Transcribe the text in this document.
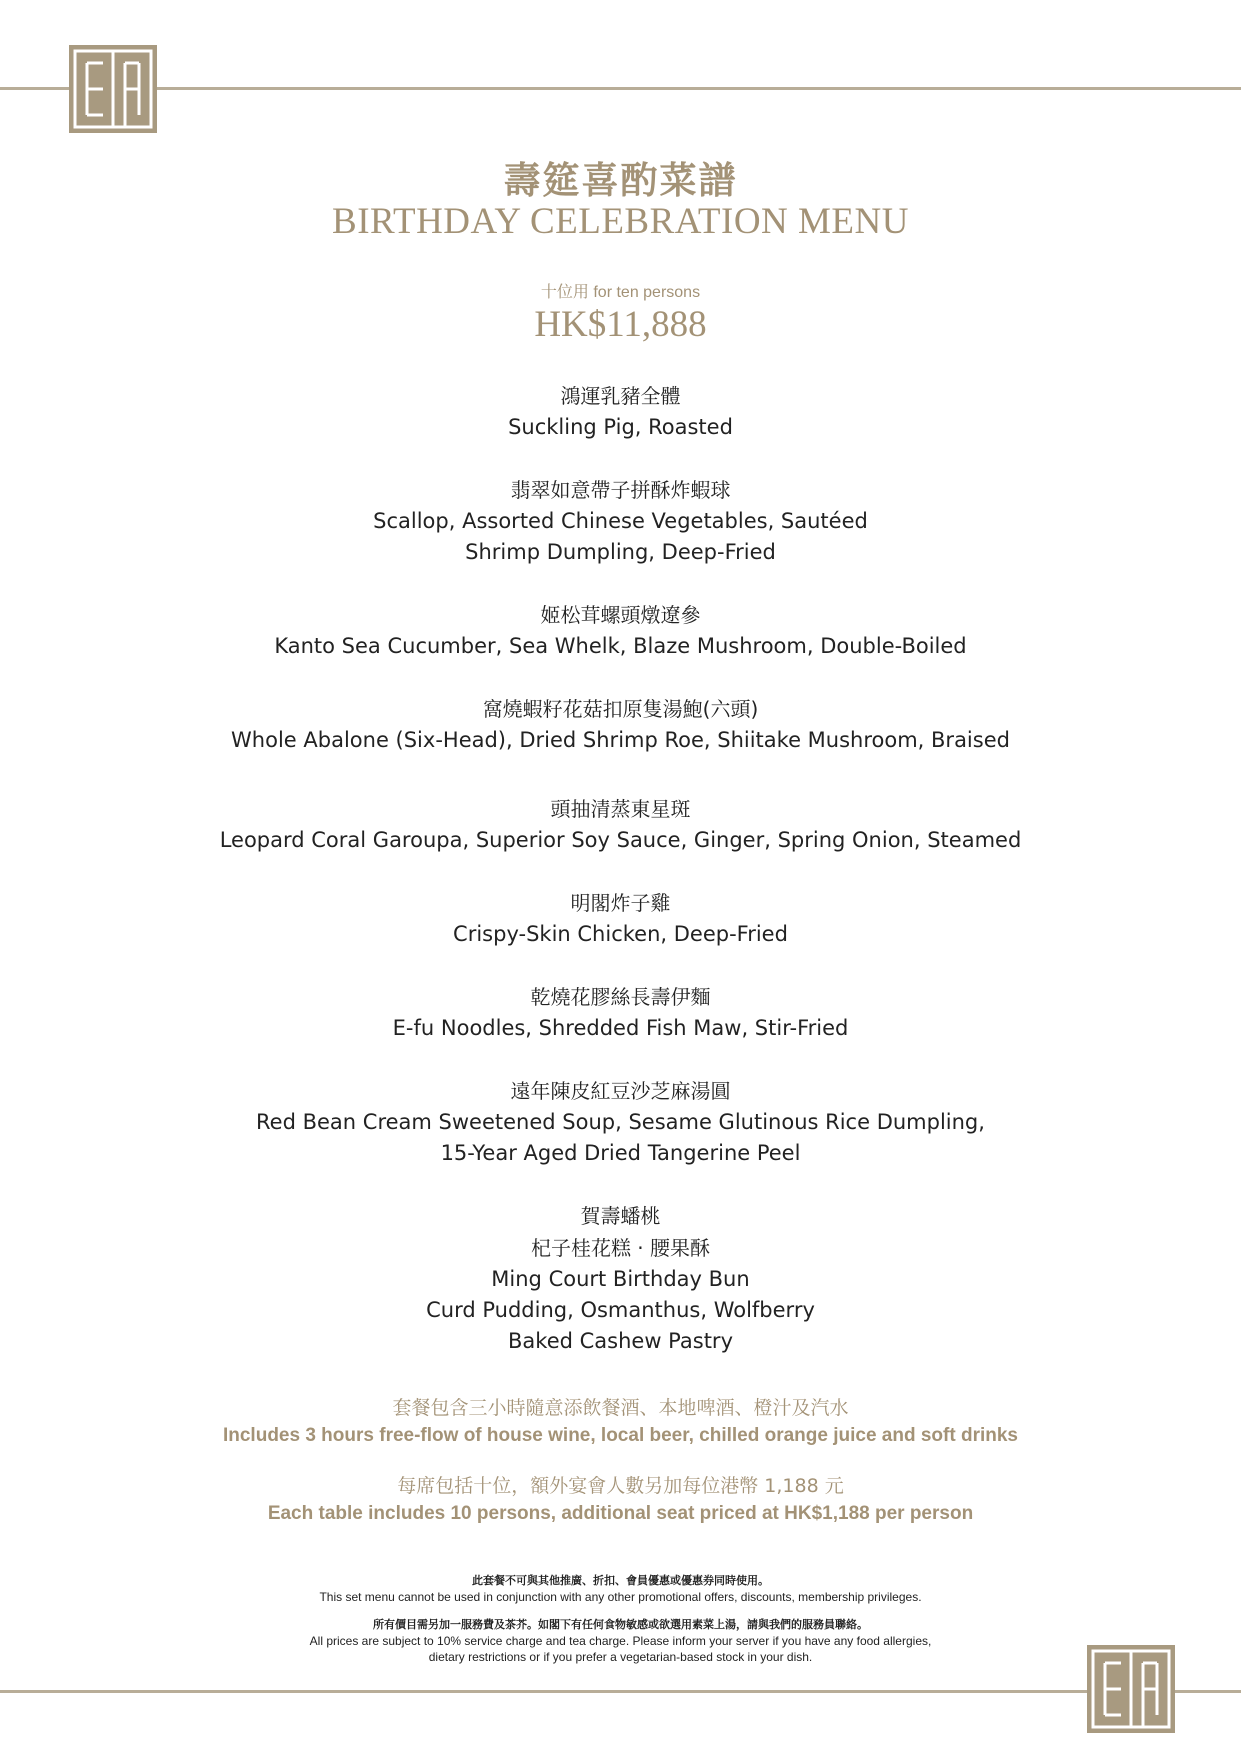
壽筵喜酌菜譜
BIRTHDAY CELEBRATION MENU
十位用 for ten persons
HK$11,888
鴻運乳豬全體
Suckling Pig, Roasted
翡翠如意帶子拼酥炸蝦球
Scallop, Assorted Chinese Vegetables, Sautéed
Shrimp Dumpling, Deep-Fried
姬松茸螺頭燉遼參
Kanto Sea Cucumber, Sea Whelk, Blaze Mushroom, Double-Boiled
窩燒蝦籽花菇扣原隻湯鮑(六頭)
Whole Abalone (Six-Head), Dried Shrimp Roe, Shiitake Mushroom, Braised
頭抽清蒸東星斑
Leopard Coral Garoupa, Superior Soy Sauce, Ginger, Spring Onion, Steamed
明閣炸子雞
Crispy-Skin Chicken, Deep-Fried
乾燒花膠絲長壽伊麵
E-fu Noodles, Shredded Fish Maw, Stir-Fried
遠年陳皮紅豆沙芝麻湯圓
Red Bean Cream Sweetened Soup, Sesame Glutinous Rice Dumpling,
15-Year Aged Dried Tangerine Peel
賀壽蟠桃
杞子桂花糕 · 腰果酥
Ming Court Birthday Bun
Curd Pudding, Osmanthus, Wolfberry
Baked Cashew Pastry
套餐包含三小時隨意添飲餐酒、本地啤酒、橙汁及汽水
Includes 3 hours free-flow of house wine, local beer, chilled orange juice and soft drinks
每席包括十位，額外宴會人數另加每位港幣 1,188 元
Each table includes 10 persons, additional seat priced at HK$1,188 per person
此套餐不可與其他推廣、折扣、會員優惠或優惠券同時使用。
This set menu cannot be used in conjunction with any other promotional offers, discounts, membership privileges.
所有價目需另加一服務費及茶芥。如閣下有任何食物敏感或欲選用素菜上湯，請與我們的服務員聯絡。
All prices are subject to 10% service charge and tea charge. Please inform your server if you have any food allergies,
dietary restrictions or if you prefer a vegetarian-based stock in your dish.
